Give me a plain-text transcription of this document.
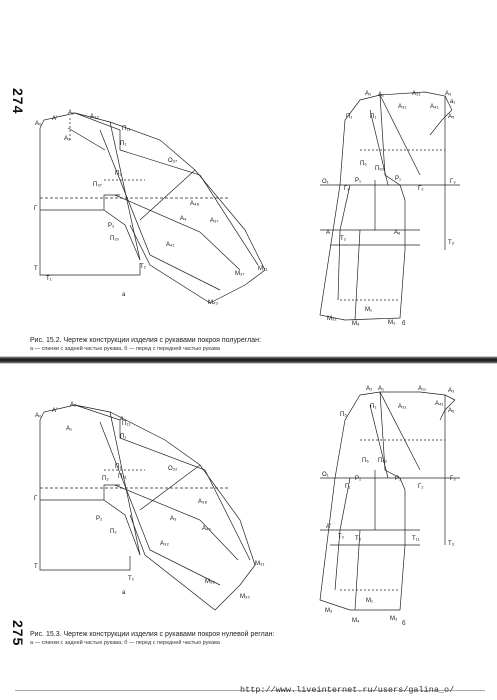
274
275
А₀
А'
А₂
А₁
А₃₂
П₁₁
П₁
Г
Т
Т₁
П₂
П₃₇
Р₂
П₂₀
О₃₇
А₄₈
А₄
А₄₁
Т₂
М₃₇
М₃₁
М₄₃
А₃₇
а
А₂ А₁	А₃₁	А₃
а₁
А₅
П₁	П₁
А₃₁	А₄₁
П₆
П₆₂
О₁
Г₁
Р₁	Р₁
Г₂
Г₃
А
Т₂
А₈
Т₃
М₃₁
М₄
М₁
М₃ б
А₀
А'
А₂
А₁
а
П₁₁
П₁
Г
Т
П₂
П₃₁
П₂
Р₂
П₂
О₃₂
А₃₈
А₃
А₃₂
Т₂
М₃₁
М₃₀
М₃₂
А₄₀
а
А₂ А₁	А₁₁	А₃
А₄₁
А₅
П₅
П₁	А₃₁
П₆ П₆₂
О₁
Г₁
Р₁	Р₁
Г₂
Г₃
А'
Т₂ Т₃	Т₁₁
Т₃
М₃
М₄
М₁
М₃
б
Рис. 15.2. Чертеж конструкции изделия с рукавами покроя полуреглан:
а — спинки с задней частью рукава, б — перед с передней частью рукава
Рис. 15.3. Чертеж конструкции изделия с рукавами покроя нулевой реглан:
а — спинки с задней частью рукава; б — перед с передней частью рукава
http://www.liveinternet.ru/users/galina_o/
